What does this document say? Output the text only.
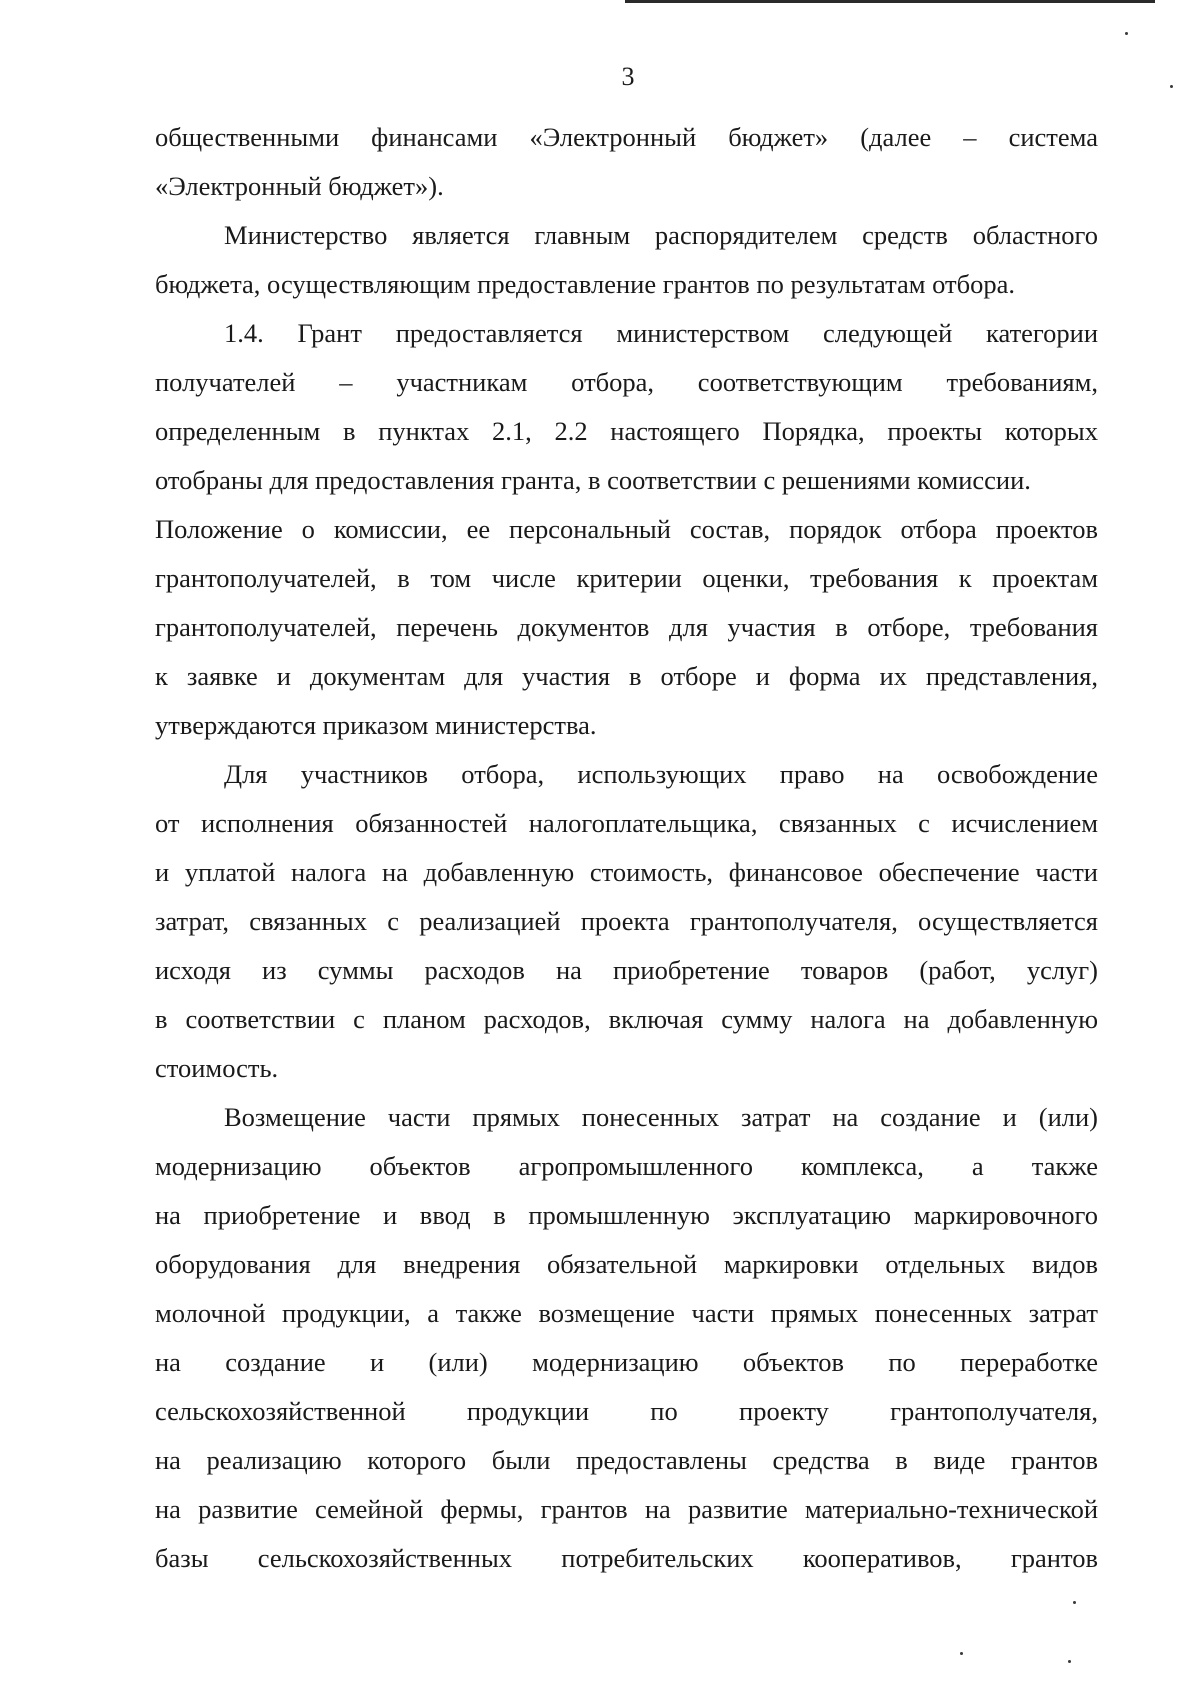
3
общественными финансами «Электронный бюджет» (далее – система
«Электронный бюджет»).
Министерство является главным распорядителем средств областного
бюджета, осуществляющим предоставление грантов по результатам отбора.
1.4. Грант предоставляется министерством следующей категории
получателей – участникам отбора, соответствующим требованиям,
определенным в пунктах 2.1, 2.2 настоящего Порядка, проекты которых
отобраны для предоставления гранта, в соответствии с решениями комиссии.
Положение о комиссии, ее персональный состав, порядок отбора проектов
грантополучателей, в том числе критерии оценки, требования к проектам
грантополучателей, перечень документов для участия в отборе, требования
к заявке и документам для участия в отборе и форма их представления,
утверждаются приказом министерства.
Для участников отбора, использующих право на освобождение
от исполнения обязанностей налогоплательщика, связанных с исчислением
и уплатой налога на добавленную стоимость, финансовое обеспечение части
затрат, связанных с реализацией проекта грантополучателя, осуществляется
исходя из суммы расходов на приобретение товаров (работ, услуг)
в соответствии с планом расходов, включая сумму налога на добавленную
стоимость.
Возмещение части прямых понесенных затрат на создание и (или)
модернизацию объектов агропромышленного комплекса, а также
на приобретение и ввод в промышленную эксплуатацию маркировочного
оборудования для внедрения обязательной маркировки отдельных видов
молочной продукции, а также возмещение части прямых понесенных затрат
на создание и (или) модернизацию объектов по переработке
сельскохозяйственной продукции по проекту грантополучателя,
на реализацию которого были предоставлены средства в виде грантов
на развитие семейной фермы, грантов на развитие материально-технической
базы сельскохозяйственных потребительских кооперативов, грантов
